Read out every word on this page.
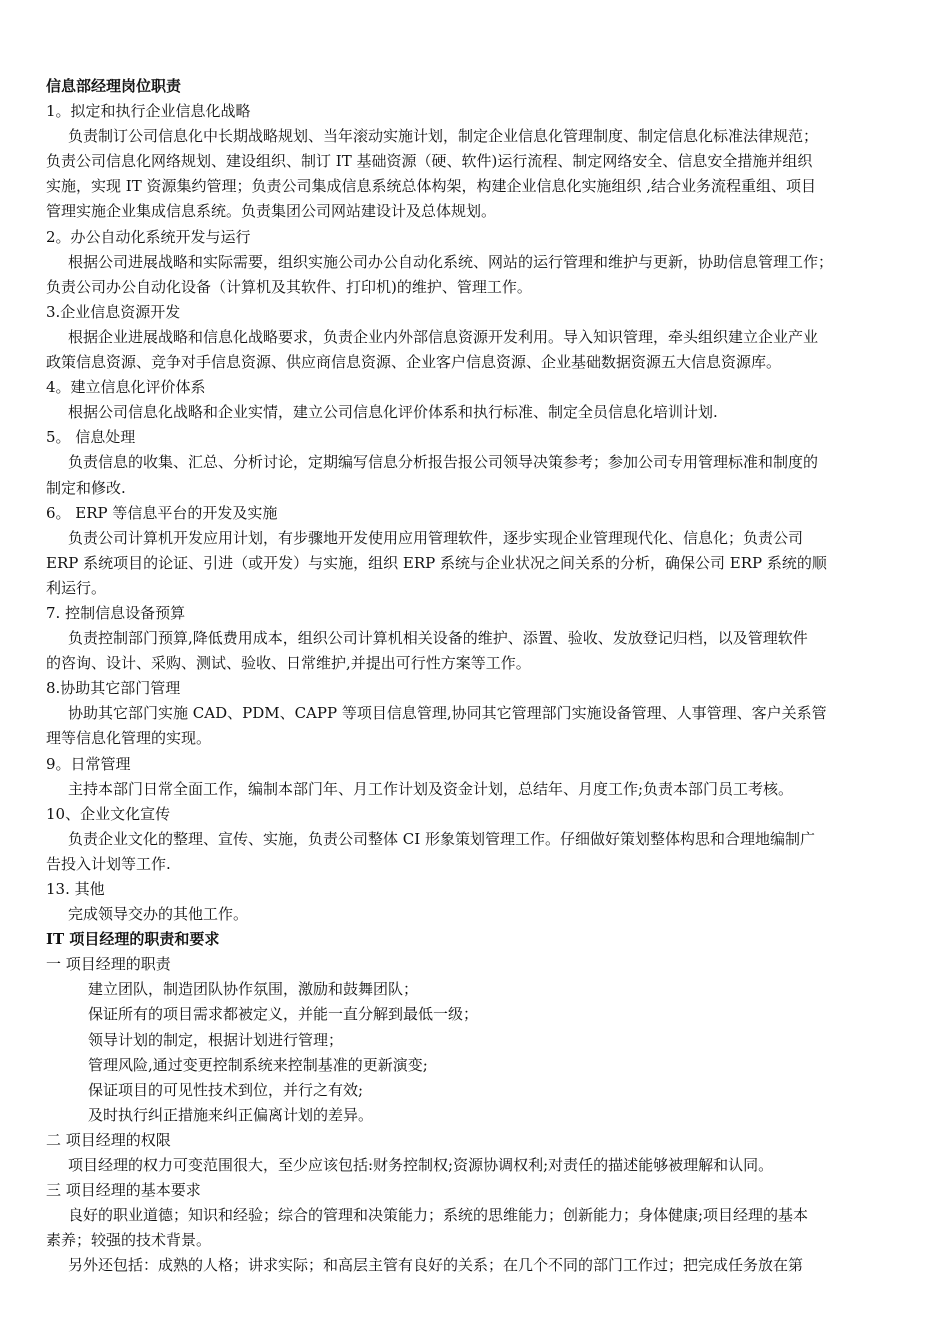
信息部经理岗位职责

1。拟定和执行企业信息化战略

负责制订公司信息化中长期战略规划、当年滚动实施计划，制定企业信息化管理制度、制定信息化标准法律规范；

负责公司信息化网络规划、建设组织、制订 IT 基础资源（硬、软件)运行流程、制定网络安全、信息安全措施并组织

实施，实现 IT 资源集约管理；负责公司集成信息系统总体构架，构建企业信息化实施组织 ,结合业务流程重组、项目

管理实施企业集成信息系统。负责集团公司网站建设计及总体规划。

2。办公自动化系统开发与运行

根据公司进展战略和实际需要，组织实施公司办公自动化系统、网站的运行管理和维护与更新，协助信息管理工作；

负责公司办公自动化设备（计算机及其软件、打印机)的维护、管理工作。

3.企业信息资源开发

根据企业进展战略和信息化战略要求，负责企业内外部信息资源开发利用。导入知识管理，牵头组织建立企业产业

政策信息资源、竞争对手信息资源、供应商信息资源、企业客户信息资源、企业基础数据资源五大信息资源库。

4。建立信息化评价体系

根据公司信息化战略和企业实情，建立公司信息化评价体系和执行标准、制定全员信息化培训计划.

5。 信息处理

负责信息的收集、汇总、分析讨论，定期编写信息分析报告报公司领导决策参考；参加公司专用管理标准和制度的

制定和修改.

6。 ERP 等信息平台的开发及实施

负责公司计算机开发应用计划，有步骤地开发使用应用管理软件，逐步实现企业管理现代化、信息化；负责公司

ERP 系统项目的论证、引进（或开发）与实施，组织 ERP 系统与企业状况之间关系的分析，确保公司 ERP 系统的顺

利运行。

7. 控制信息设备预算

负责控制部门预算,降低费用成本，组织公司计算机相关设备的维护、添置、验收、发放登记归档，以及管理软件

的咨询、设计、采购、测试、验收、日常维护,并提出可行性方案等工作。

8.协助其它部门管理

协助其它部门实施 CAD、PDM、CAPP 等项目信息管理,协同其它管理部门实施设备管理、人事管理、客户关系管

理等信息化管理的实现。

9。日常管理

主持本部门日常全面工作，编制本部门年、月工作计划及资金计划，总结年、月度工作;负责本部门员工考核。

10、企业文化宣传

负责企业文化的整理、宣传、实施，负责公司整体 CI 形象策划管理工作。仔细做好策划整体构思和合理地编制广

告投入计划等工作.

13. 其他

完成领导交办的其他工作。

IT 项目经理的职责和要求

一 项目经理的职责

建立团队，制造团队协作氛围，激励和鼓舞团队；

保证所有的项目需求都被定义，并能一直分解到最低一级；

领导计划的制定，根据计划进行管理；

管理风险,通过变更控制系统来控制基准的更新演变;

保证项目的可见性技术到位，并行之有效;

及时执行纠正措施来纠正偏离计划的差异。

二 项目经理的权限

项目经理的权力可变范围很大，至少应该包括:财务控制权;资源协调权利;对责任的描述能够被理解和认同。

三 项目经理的基本要求

良好的职业道德；知识和经验；综合的管理和决策能力；系统的思维能力；创新能力；身体健康;项目经理的基本

素养；较强的技术背景。

另外还包括：成熟的人格；讲求实际；和高层主管有良好的关系；在几个不同的部门工作过；把完成任务放在第
